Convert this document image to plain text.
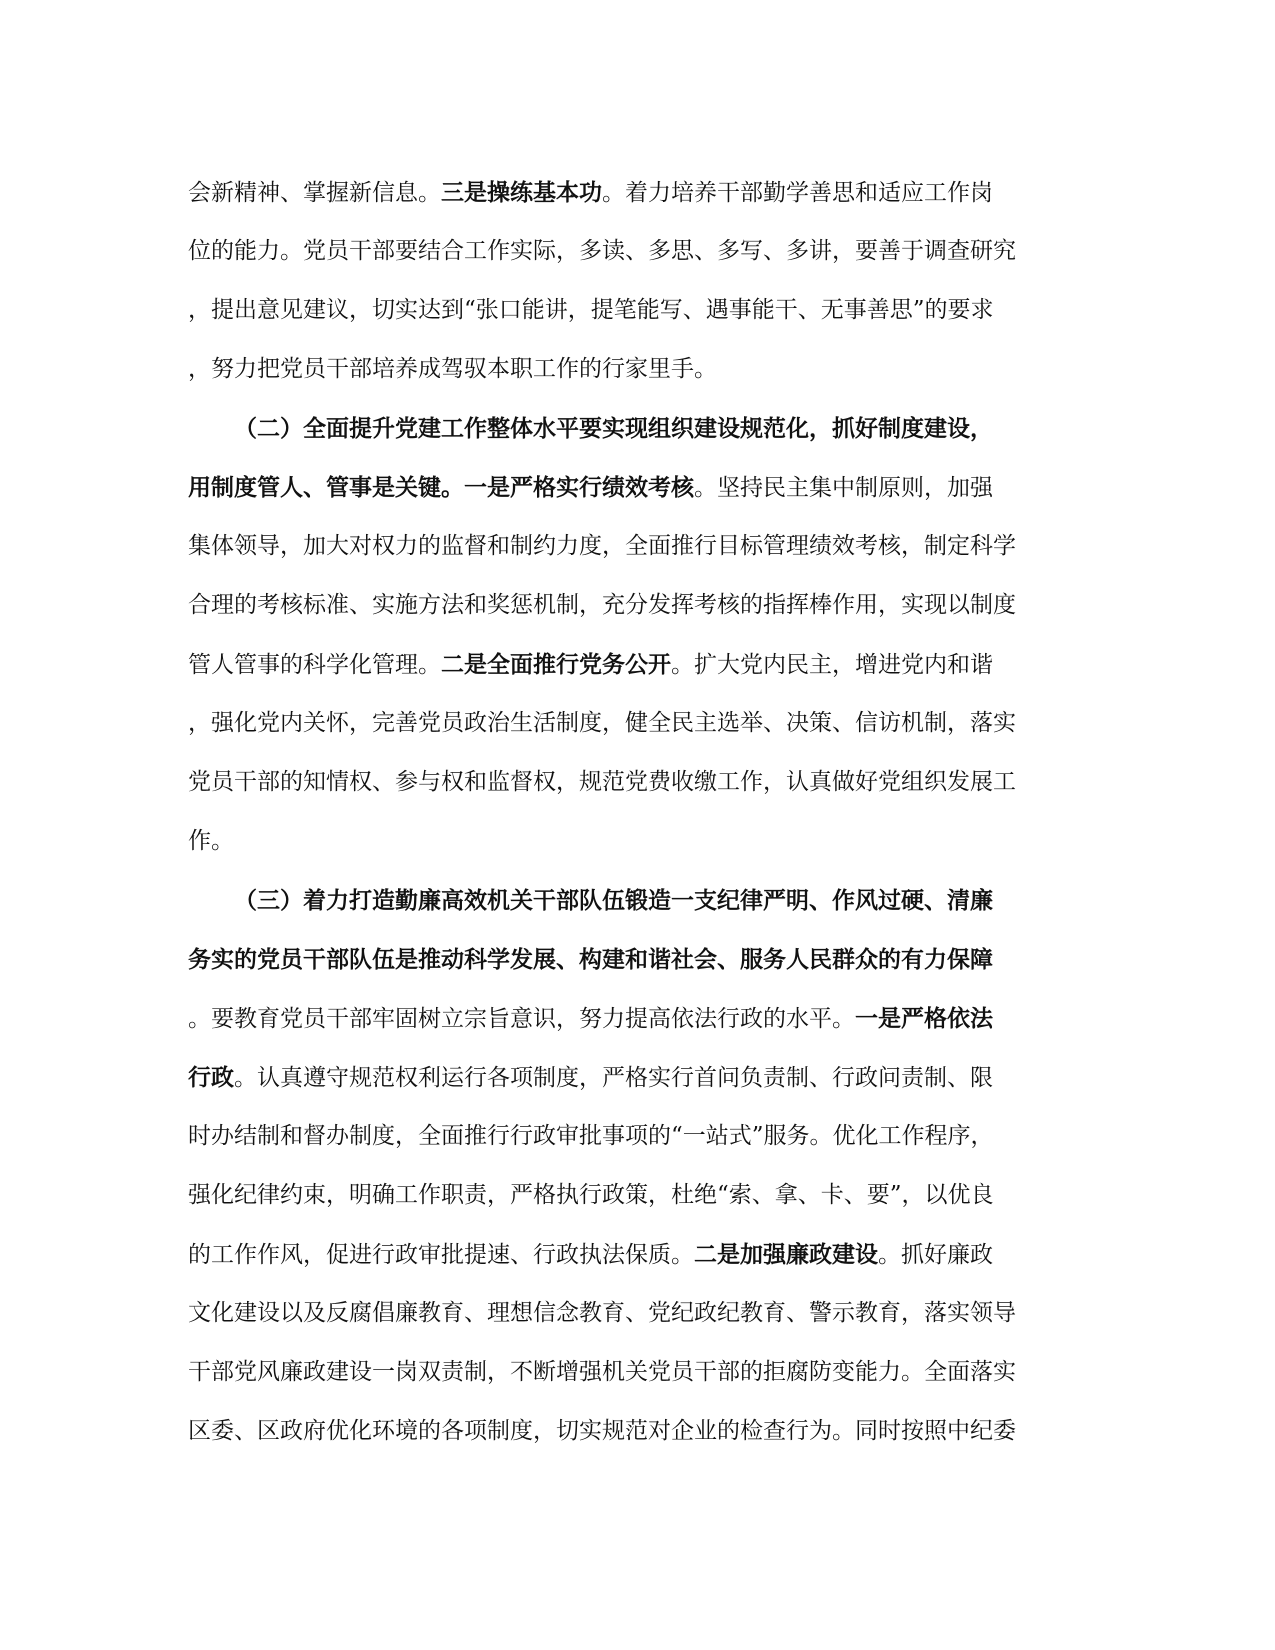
会新精神、掌握新信息。三是操练基本功。着力培养干部勤学善思和适应工作岗
位的能力。党员干部要结合工作实际，多读、多思、多写、多讲，要善于调查研究
，提出意见建议，切实达到“张口能讲，提笔能写、遇事能干、无事善思”的要求
，努力把党员干部培养成驾驭本职工作的行家里手。
（二）全面提升党建工作整体水平要实现组织建设规范化，抓好制度建设，
用制度管人、管事是关键。一是严格实行绩效考核。坚持民主集中制原则，加强
集体领导，加大对权力的监督和制约力度，全面推行目标管理绩效考核，制定科学
合理的考核标准、实施方法和奖惩机制，充分发挥考核的指挥棒作用，实现以制度
管人管事的科学化管理。二是全面推行党务公开。扩大党内民主，增进党内和谐
，强化党内关怀，完善党员政治生活制度，健全民主选举、决策、信访机制，落实
党员干部的知情权、参与权和监督权，规范党费收缴工作，认真做好党组织发展工
作。
（三）着力打造勤廉高效机关干部队伍锻造一支纪律严明、作风过硬、清廉
务实的党员干部队伍是推动科学发展、构建和谐社会、服务人民群众的有力保障
。要教育党员干部牢固树立宗旨意识，努力提高依法行政的水平。一是严格依法
行政。认真遵守规范权利运行各项制度，严格实行首问负责制、行政问责制、限
时办结制和督办制度，全面推行行政审批事项的“一站式”服务。优化工作程序，
强化纪律约束，明确工作职责，严格执行政策，杜绝“索、拿、卡、要”，以优良
的工作作风，促进行政审批提速、行政执法保质。二是加强廉政建设。抓好廉政
文化建设以及反腐倡廉教育、理想信念教育、党纪政纪教育、警示教育，落实领导
干部党风廉政建设一岗双责制，不断增强机关党员干部的拒腐防变能力。全面落实
区委、区政府优化环境的各项制度，切实规范对企业的检查行为。同时按照中纪委
